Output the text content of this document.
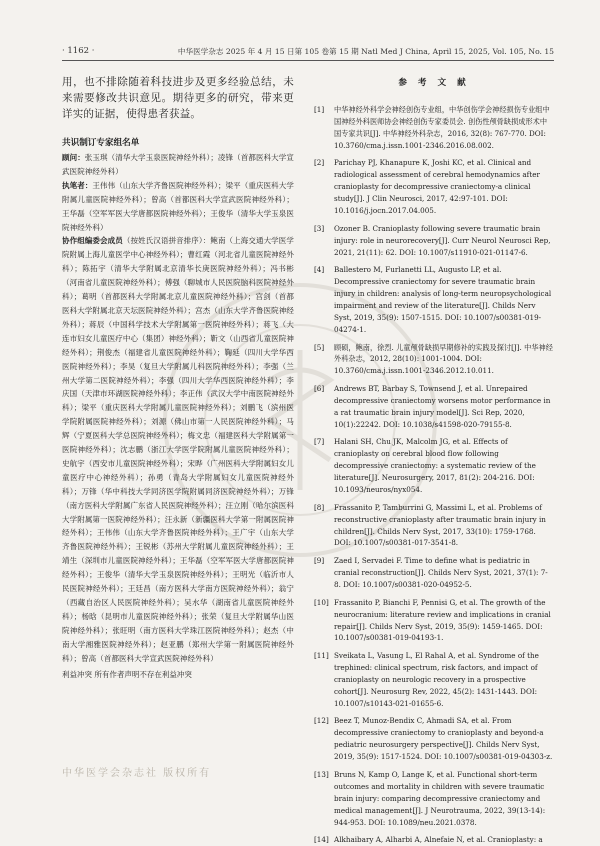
· 1162 ·	中华医学杂志 2025 年 4 月 15 日第 105 卷第 15 期 Natl Med J China, April 15, 2025, Vol. 105, No. 15

用，也不排除随着科技进步及更多经验总结，未来需要修改共识意见。期待更多的研究，带来更详实的证据，使得患者获益。

共识制订专家组名单

顾问：张玉琪（清华大学玉泉医院神经外科）；凌锋（首都医科大学宣武医院神经外科）

执笔者：王伟伟（山东大学齐鲁医院神经外科）；梁平（重庆医科大学附属儿童医院神经外科）；曾高（首都医科大学宣武医院神经外科）；王华磊（空军军医大学唐都医院神经外科）；王俊华（清华大学玉泉医院神经外科）

协作组编委会成员（按姓氏汉语拼音排序）：鲍南（上海交通大学医学院附属上海儿童医学中心神经外科）；曹红霞（河北省儿童医院神经外科）；陈拓宇（清华大学附属北京清华长庚医院神经外科）；冯书彬（河南省儿童医院神经外科）；傅强（聊城市人民医院脑科医院神经外科）；葛明（首都医科大学附属北京儿童医院神经外科）；宫剑（首都医科大学附属北京天坛医院神经外科）；宫杰（山东大学齐鲁医院神经外科）；蒋辰（中国科学技术大学附属第一医院神经外科）；蒋飞（大连市妇女儿童医疗中心（集团）神经外科）；靳文（山西省儿童医院神经外科）；荆俊杰（福建省儿童医院神经外科）；鞠延（四川大学华西医院神经外科）；李昊（复旦大学附属儿科医院神经外科）；李强（兰州大学第二医院神经外科）；李强（四川大学华西医院神经外科）；李庆国（天津市环湖医院神经外科）；李正伟（武汉大学中南医院神经外科）；梁平（重庆医科大学附属儿童医院神经外科）；刘鹏飞（滨州医学院附属医院神经外科）；刘源（佛山市第一人民医院神经外科）；马辉（宁夏医科大学总医院神经外科）；梅文忠（福建医科大学附属第一医院神经外科）；沈志鹏（浙江大学医学院附属儿童医院神经外科）；史航宇（西安市儿童医院神经外科）；宋晔（广州医科大学附属妇女儿童医疗中心神经外科）；孙勇（青岛大学附属妇女儿童医院神经外科）；万锋（华中科技大学同济医学院附属同济医院神经外科）；万锋（南方医科大学附属广东省人民医院神经外科）；汪立刚（哈尔滨医科大学附属第一医院神经外科）；汪永新（新疆医科大学第一附属医院神经外科）；王伟伟（山东大学齐鲁医院神经外科）；王广宇（山东大学齐鲁医院神经外科）；王锐彬（苏州大学附属儿童医院神经外科）；王靖生（深圳市儿童医院神经外科）；王华磊（空军军医大学唐都医院神经外科）；王俊华（清华大学玉泉医院神经外科）；王明光（临沂市人民医院神经外科）；王廷昌（南方医科大学南方医院神经外科）；翁宁（西藏自治区人民医院神经外科）；吴水华（湖南省儿童医院神经外科）；杨晗（昆明市儿童医院神经外科）；张荣（复旦大学附属华山医院神经外科）；张旺明（南方医科大学珠江医院神经外科）；赵杰（中南大学湘雅医院神经外科）；赵亚鹏（郑州大学第一附属医院神经外科）；曾高（首都医科大学宣武医院神经外科）

利益冲突 所有作者声明不存在利益冲突
参 考 文 献
[1]	中华神经外科学会神经创伤专业组，中华创伤学会神经损伤专业组中国神经外科医师协会神经创伤专家委员会. 创伤性颅骨缺损成形术中国专家共识[J]. 中华神经外科杂志，2016, 32(8): 767-770. DOI: 10.3760/cma.j.issn.1001-2346.2016.08.002.
[2]	Parichay PJ, Khanapure K, Joshi KC, et al. Clinical and radiological assessment of cerebral hemodynamics after cranioplasty for decompressive craniectomy-a clinical study[J]. J Clin Neurosci, 2017, 42:97-101. DOI: 10.1016/j.jocn.2017.04.005.
[3]	Ozoner B. Cranioplasty following severe traumatic brain injury: role in neurorecovery[J]. Curr Neurol Neurosci Rep, 2021, 21(11): 62. DOI: 10.1007/s11910-021-01147-6.
[4]	Ballestero M, Furlanetti LL, Augusto LP, et al. Decompressive craniectomy for severe traumatic brain injury in children: analysis of long-term neuropsychological impairment and review of the literature[J]. Childs Nerv Syst, 2019, 35(9): 1507-1515. DOI: 10.1007/s00381-019-04274-1.
[5]	顾硕，鲍南，徐烈. 儿童颅骨缺损早期修补的实践及探讨[J]. 中华神经外科杂志，2012, 28(10): 1001-1004. DOI: 10.3760/cma.j.issn.1001-2346.2012.10.011.
[6]	Andrews BT, Barbay S, Townsend J, et al. Unrepaired decompressive craniectomy worsens motor performance in a rat traumatic brain injury model[J]. Sci Rep, 2020, 10(1):22242. DOI: 10.1038/s41598-020-79155-8.
[7]	Halani SH, Chu JK, Malcolm JG, et al. Effects of cranioplasty on cerebral blood flow following decompressive craniectomy: a systematic review of the literature[J]. Neurosurgery, 2017, 81(2): 204-216. DOI: 10.1093/neuros/nyx054.
[8]	Frassanito P, Tamburrini G, Massimi L, et al. Problems of reconstructive cranioplasty after traumatic brain injury in children[J]. Childs Nerv Syst, 2017, 33(10): 1759-1768. DOI: 10.1007/s00381-017-3541-8.
[9]	Zaed I, Servadei F. Time to define what is pediatric in cranial reconstruction[J]. Childs Nerv Syst, 2021, 37(1): 7-8. DOI: 10.1007/s00381-020-04952-5.
[10] Frassanito P, Bianchi F, Pennisi G, et al. The growth of the neurocranium: literature review and implications in cranial repair[J]. Childs Nerv Syst, 2019, 35(9): 1459-1465. DOI: 10.1007/s00381-019-04193-1.
[11] Sveikata L, Vasung L, El Rahal A, et al. Syndrome of the trephined: clinical spectrum, risk factors, and impact of cranioplasty on neurologic recovery in a prospective cohort[J]. Neurosurg Rev, 2022, 45(2): 1431-1443. DOI: 10.1007/s10143-021-01655-6.
[12] Beez T, Munoz-Bendix C, Ahmadi SA, et al. From decompressive craniectomy to cranioplasty and beyond-a pediatric neurosurgery perspective[J]. Childs Nerv Syst, 2019, 35(9): 1517-1524. DOI: 10.1007/s00381-019-04303-z.
[13] Bruns N, Kamp O, Lange K, et al. Functional short-term outcomes and mortality in children with severe traumatic brain injury: comparing decompressive craniectomy and medical management[J]. J Neurotrauma, 2022, 39(13-14): 944-953. DOI: 10.1089/neu.2021.0378.
[14] Alkhaibary A, Alharbi A, Alnefaie N, et al. Cranioplasty: a
中华医学会杂志社 版权所有
